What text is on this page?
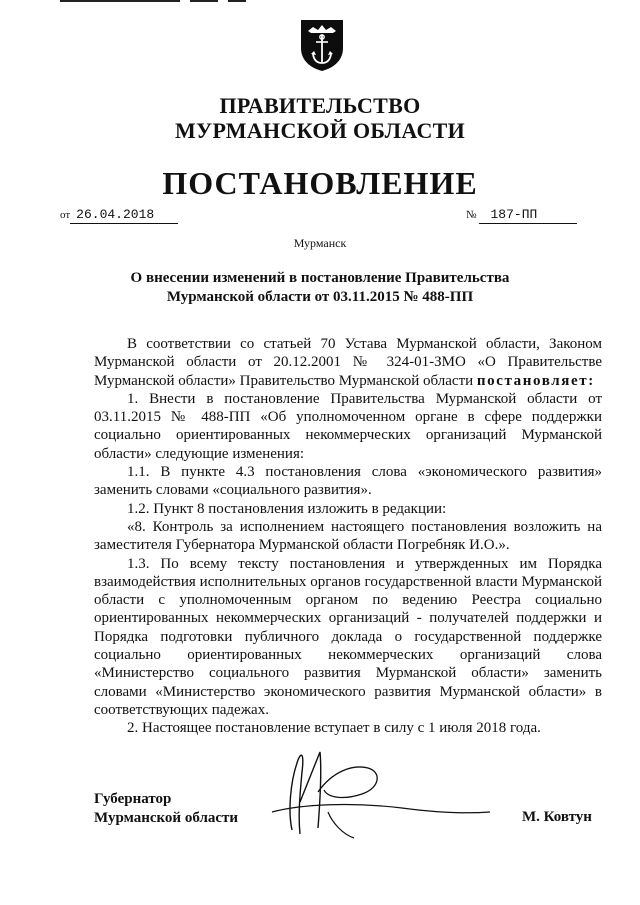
ПРАВИТЕЛЬСТВО
МУРМАНСКОЙ ОБЛАСТИ
ПОСТАНОВЛЕНИЕ
от 26.04.2018	№ 187-ПП
Мурманск
О внесении изменений в постановление Правительства
Мурманской области от 03.11.2015 № 488-ПП

В соответствии со статьей 70 Устава Мурманской области, Законом Мурманской области от 20.12.2001 № 324-01-ЗМО «О Правительстве Мурманской области» Правительство Мурманской области постановляет:

1. Внести в постановление Правительства Мурманской области от 03.11.2015 № 488-ПП «Об уполномоченном органе в сфере поддержки социально ориентированных некоммерческих организаций Мурманской области» следующие изменения:

1.1. В пункте 4.3 постановления слова «экономического развития» заменить словами «социального развития».

1.2. Пункт 8 постановления изложить в редакции:

«8. Контроль за исполнением настоящего постановления возложить на заместителя Губернатора Мурманской области Погребняк И.О.».

1.3. По всему тексту постановления и утвержденных им Порядка взаимодействия исполнительных органов государственной власти Мурманской области с уполномоченным органом по ведению Реестра социально ориентированных некоммерческих организаций - получателей поддержки и Порядка подготовки публичного доклада о государственной поддержке социально ориентированных некоммерческих организаций слова «Министерство социального развития Мурманской области» заменить словами «Министерство экономического развития Мурманской области» в соответствующих падежах.

2. Настоящее постановление вступает в силу с 1 июля 2018 года.

Губернатор
Мурманской области	М. Ковтун
